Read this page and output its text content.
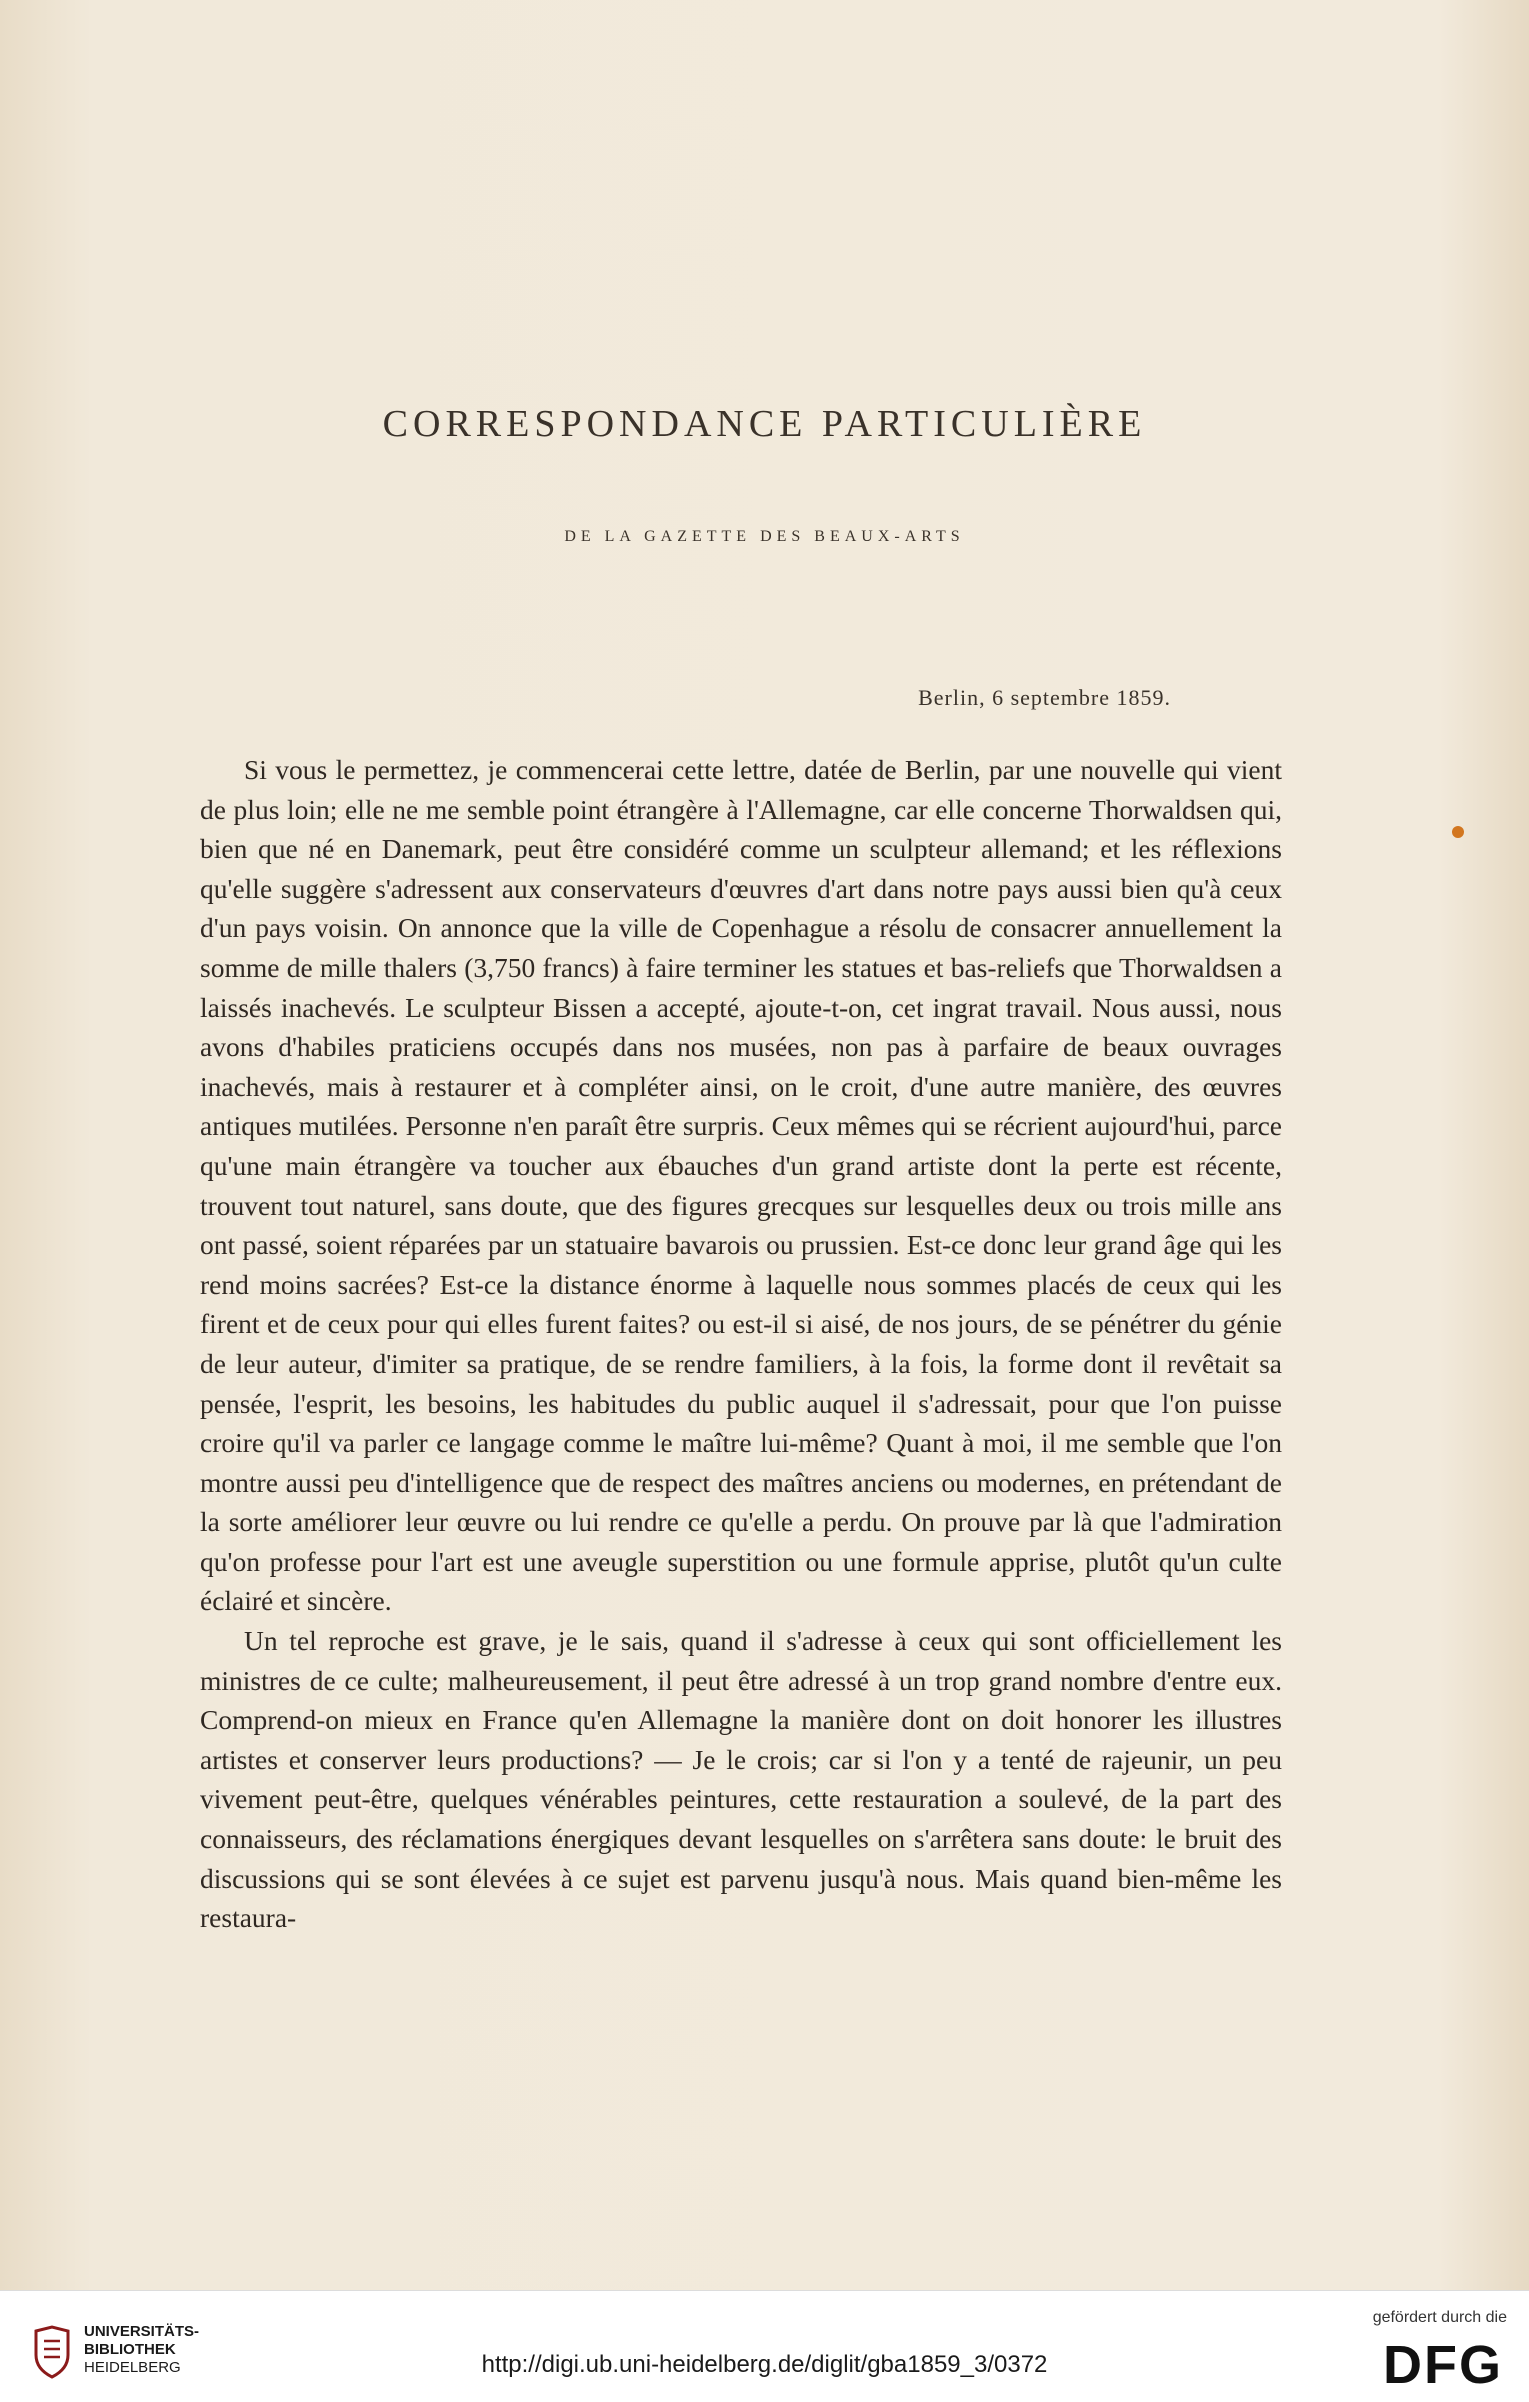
CORRESPONDANCE PARTICULIÈRE
DE LA GAZETTE DES BEAUX-ARTS
Berlin, 6 septembre 1859.

Si vous le permettez, je commencerai cette lettre, datée de Berlin, par une nouvelle qui vient de plus loin; elle ne me semble point étrangère à l'Allemagne, car elle concerne Thorwaldsen qui, bien que né en Danemark, peut être considéré comme un sculpteur allemand; et les réflexions qu'elle suggère s'adressent aux conservateurs d'œuvres d'art dans notre pays aussi bien qu'à ceux d'un pays voisin. On annonce que la ville de Copenhague a résolu de consacrer annuellement la somme de mille thalers (3,750 francs) à faire terminer les statues et bas-reliefs que Thorwaldsen a laissés inachevés. Le sculpteur Bissen a accepté, ajoute-t-on, cet ingrat travail. Nous aussi, nous avons d'habiles praticiens occupés dans nos musées, non pas à parfaire de beaux ouvrages inachevés, mais à restaurer et à compléter ainsi, on le croit, d'une autre manière, des œuvres antiques mutilées. Personne n'en paraît être surpris. Ceux mêmes qui se récrient aujourd'hui, parce qu'une main étrangère va toucher aux ébauches d'un grand artiste dont la perte est récente, trouvent tout naturel, sans doute, que des figures grecques sur lesquelles deux ou trois mille ans ont passé, soient réparées par un statuaire bavarois ou prussien. Est-ce donc leur grand âge qui les rend moins sacrées? Est-ce la distance énorme à laquelle nous sommes placés de ceux qui les firent et de ceux pour qui elles furent faites? ou est-il si aisé, de nos jours, de se pénétrer du génie de leur auteur, d'imiter sa pratique, de se rendre familiers, à la fois, la forme dont il revêtait sa pensée, l'esprit, les besoins, les habitudes du public auquel il s'adressait, pour que l'on puisse croire qu'il va parler ce langage comme le maître lui-même? Quant à moi, il me semble que l'on montre aussi peu d'intelligence que de respect des maîtres anciens ou modernes, en prétendant de la sorte améliorer leur œuvre ou lui rendre ce qu'elle a perdu. On prouve par là que l'admiration qu'on professe pour l'art est une aveugle superstition ou une formule apprise, plutôt qu'un culte éclairé et sincère.

Un tel reproche est grave, je le sais, quand il s'adresse à ceux qui sont officiellement les ministres de ce culte; malheureusement, il peut être adressé à un trop grand nombre d'entre eux. Comprend-on mieux en France qu'en Allemagne la manière dont on doit honorer les illustres artistes et conserver leurs productions? — Je le crois; car si l'on y a tenté de rajeunir, un peu vivement peut-être, quelques vénérables peintures, cette restauration a soulevé, de la part des connaisseurs, des réclamations énergiques devant lesquelles on s'arrêtera sans doute: le bruit des discussions qui se sont élevées à ce sujet est parvenu jusqu'à nous. Mais quand bien-même les restaura-

UNIVERSITÄTS-
BIBLIOTHEK
HEIDELBERG	http://digi.ub.uni-heidelberg.de/diglit/gba1859_3/0372
gefördert durch die
DFG
